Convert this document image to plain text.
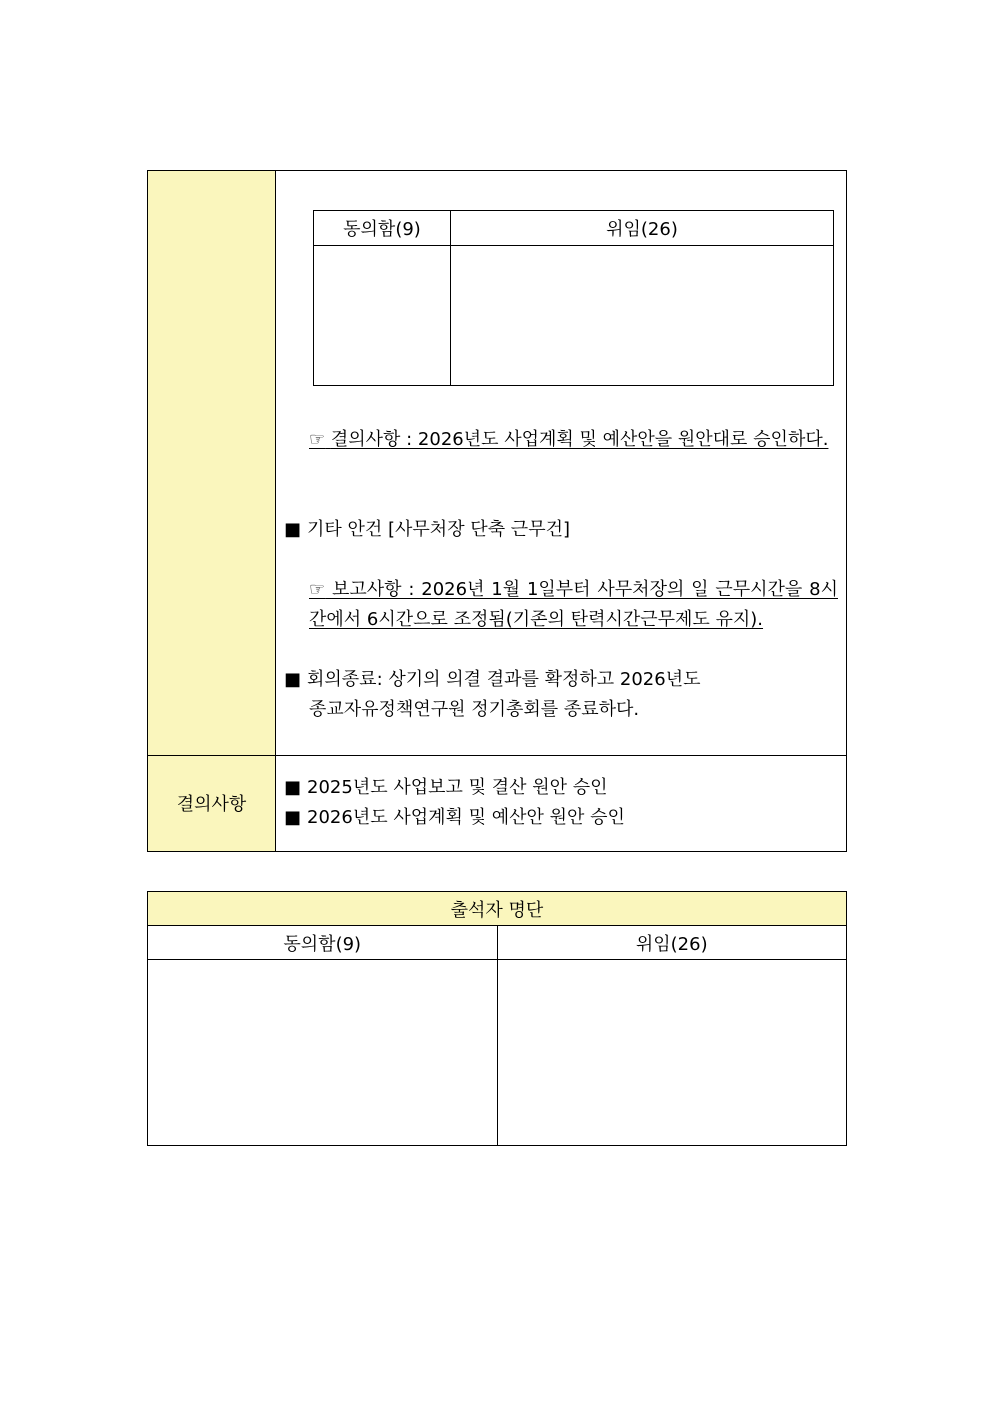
동의함(9)	위임(26)

☞ 결의사항 : 2026년도 사업계획 및 예산안을 원안대로 승인하다.
■ 기타 안건 [사무처장 단축 근무건]
☞ 보고사항 : 2026년 1월 1일부터 사무처장의 일 근무시간을 8시간에서 6시간으로 조정됨(기존의 탄력시간근무제도 유지).
■ 회의종료: 상기의 의결 결과를 확정하고 2026년도
종교자유정책연구원 정기총회를 종료하다.

결의사항	
■ 2025년도 사업보고 및 결산 원안 승인
■ 2026년도 사업계획 및 예산안 원안 승인
출석자 명단	
동의함(9)	위임(26)
